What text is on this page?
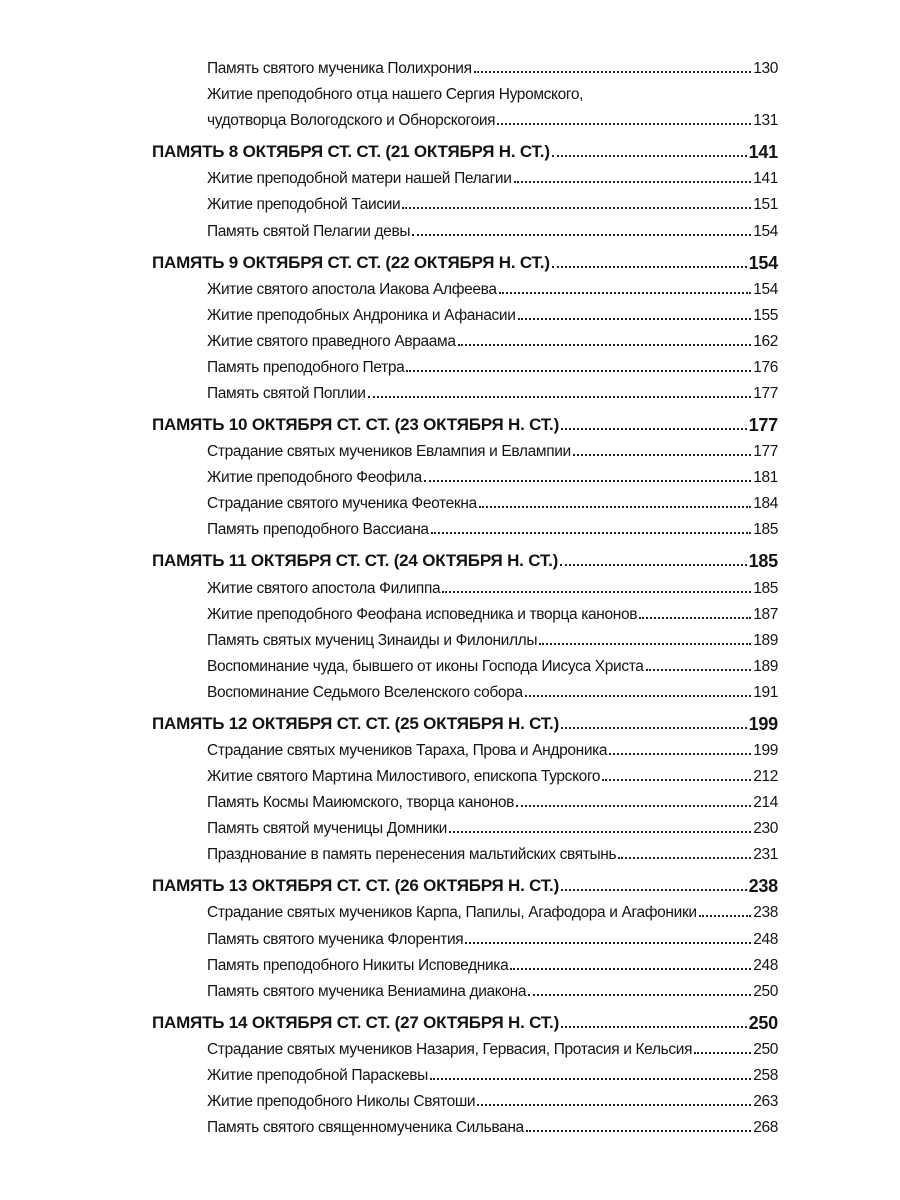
Память святого мученика Полихрония	130
Житие преподобного отца нашего Сергия Нуромского,
чудотворца Вологодского и Обнорскогоия	131
ПАМЯТЬ 8 ОКТЯБРЯ СТ. СТ. (21 ОКТЯБРЯ Н. СТ.)	141
Житие преподобной матери нашей Пелагии	141
Житие преподобной Таисии	151
Память святой Пелагии девы	154
ПАМЯТЬ 9 ОКТЯБРЯ СТ. СТ. (22 ОКТЯБРЯ Н. СТ.)	154
Житие святого апостола Иакова Алфеева	154
Житие преподобных Андроника и Афанасии	155
Житие святого праведного Авраама	162
Память преподобного Петра	176
Память святой Поплии	177
ПАМЯТЬ 10 ОКТЯБРЯ СТ. СТ. (23 ОКТЯБРЯ Н. СТ.)	177
Страдание святых мучеников Евлампия и Евлампии	177
Житие преподобного Феофила	181
Страдание святого мученика Феотекна	184
Память преподобного Вассиана	185
ПАМЯТЬ 11 ОКТЯБРЯ СТ. СТ. (24 ОКТЯБРЯ Н. СТ.)	185
Житие святого апостола Филиппа	185
Житие преподобного Феофана исповедника и творца канонов	187
Память святых мучениц Зинаиды и Филониллы	189
Воспоминание чуда, бывшего от иконы Господа Иисуса Христа	189
Воспоминание Седьмого Вселенского собора	191
ПАМЯТЬ 12 ОКТЯБРЯ СТ. СТ. (25 ОКТЯБРЯ Н. СТ.)	199
Страдание святых мучеников Тараха, Прова и Андроника	199
Житие святого Мартина Милостивого, епископа Турского	212
Память Космы Маиюмского, творца канонов	214
Память святой мученицы Домники	230
Празднование в память перенесения мальтийских святынь	231
ПАМЯТЬ 13 ОКТЯБРЯ СТ. СТ. (26 ОКТЯБРЯ Н. СТ.)	238
Страдание святых мучеников Карпа, Папилы, Агафодора и Агафоники	238
Память святого мученика Флорентия	248
Память преподобного Никиты Исповедника	248
Память святого мученика Вениамина диакона	250
ПАМЯТЬ 14 ОКТЯБРЯ СТ. СТ. (27 ОКТЯБРЯ Н. СТ.)	250
Страдание святых мучеников Назария, Гервасия, Протасия и Кельсия	250
Житие преподобной Параскевы	258
Житие преподобного Николы Святоши	263
Память святого священномученика Сильвана	268
